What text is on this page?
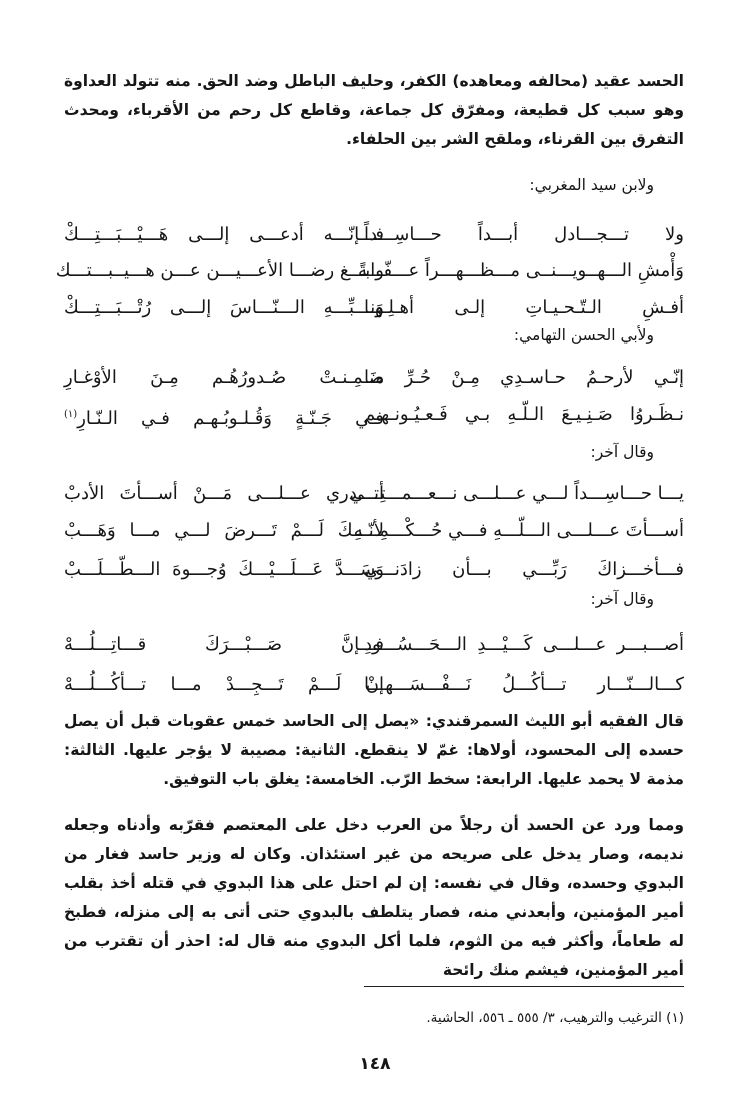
الحسد عقيد (محالفه ومعاهده) الكفر، وحليف الباطل وضد الحق. منه تتولد العداوة وهو سبب كل قطيعة، ومفرّق كل جماعة، وقاطع كل رحم من الأقرباء، ومحدث التفرق بين القرناء، وملقح الشر بين الحلفاء.
ولابن سيد المغربي:
ولا تـــجـــادل أبـــداً حـــاسِـــداً
فـــإنّـــه أدعـــى إلـــى هَـــيْـــبَـــتِـــكْ
وَأْمشِ الـــهــويـــنــى مـــظـــهـــراً عـــفّـــةً
وابـــغ رضـــا الأعـــيـــن عـــن هـــيــبـــتـــك
أفـشِ الـتّـحـيـاتِ إلـى أهـلِـهـا
وَنـــبِّـــهِ الـــنّـــاسَ إلـــى رُتْـــبَـــتِـــكْ
ولأبي الحسن التهامي:
إنّـي لأرحـمُ حـاسـدِي مِـنْ حُـرِّ مـا
ضَـمِـنـتْ صُـدورُهُـم مِـنَ الأوْغـارِ
نـظَـروُا صَـنِـيـعَ الـلّـهِ بـي فَـعـيُـونـهـم
فـي جَـنّـةٍ وَقُـلـوبُـهـم فـي الـنّـارِ$^{(١)}$
وقال آخر:
يـــا حـــاسِـــداً لـــي عـــلـــى نـــعـــمـــتِـــي
أتـــدري عـــلـــى مَـــنْ أســـأتَ الأدبْ
أســـأتَ عـــلـــى الـــلّـــهِ فـــي حُـــكْـــمِـــهِ
لأنّـــكَ لَـــمْ تَـــرضَ لـــي مـــا وَهَـــبْ
فـــأخـــزاكَ رَبِّـــي بـــأن زادَنـــي
وَسَـــدَّ عَـــلَـــيْـــكَ وُجـــوهَ الـــطّـــلَـــبْ
وقال آخر:
أصـــبـــر عـــلـــى كَـــيْـــدِ الـــحَـــسُـــودِ
فـــإنَّ صَـــبْـــرَكَ قـــاتِـــلُـــهْ
كـــالـــنّـــار تـــأكُـــلُ نَـــفْـــسَـــهـــا
إنْ لَـــمْ تَـــجِـــدْ مـــا تـــأكُـــلُـــهْ
قال الفقيه أبو الليث السمرقندي: «يصل إلى الحاسد خمس عقوبات قبل أن يصل حسده إلى المحسود، أولاها: غمّ لا ينقطع. الثانية: مصيبة لا يؤجر عليها. الثالثة: مذمة لا يحمد عليها. الرابعة: سخط الرّب. الخامسة: يغلق باب التوفيق.
ومما ورد عن الحسد أن رجلاً من العرب دخل على المعتصم فقرّبه وأدناه وجعله نديمه، وصار يدخل على صريحه من غير استئذان. وكان له وزير حاسد فغار من البدوي وحسده، وقال في نفسه: إن لم احتل على هذا البدوي في قتله أخذ بقلب أمير المؤمنين، وأبعدني منه، فصار يتلطف بالبدوي حتى أتى به إلى منزله، فطبخ له طعاماً، وأكثر فيه من الثوم، فلما أكل البدوي منه قال له: احذر أن تقترب من أمير المؤمنين، فيشم منك رائحة
(١) الترغيب والترهيب، ٣/ ٥٥٥ ـ ٥٥٦، الحاشية.
١٤٨
